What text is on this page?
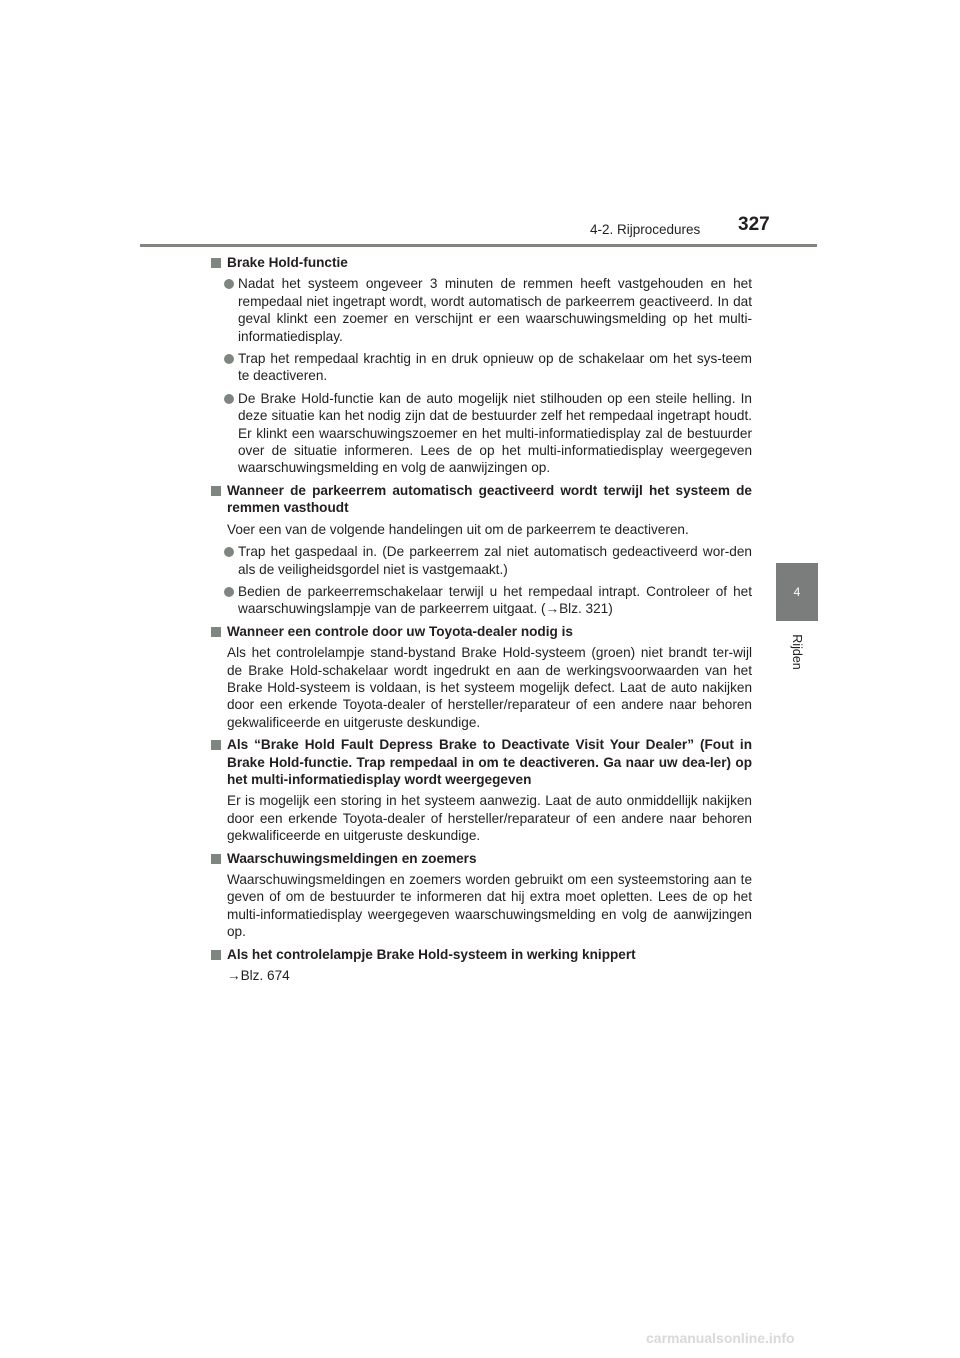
4-2. Rijprocedures 327
4
Rijden
Brake Hold-functie
Nadat het systeem ongeveer 3 minuten de remmen heeft vastgehouden en het rempedaal niet ingetrapt wordt, wordt automatisch de parkeerrem geactiveerd. In dat geval klinkt een zoemer en verschijnt er een waarschuwingsmelding op het multi-informatiedisplay.
Trap het rempedaal krachtig in en druk opnieuw op de schakelaar om het sys-teem te deactiveren.
De Brake Hold-functie kan de auto mogelijk niet stilhouden op een steile helling. In deze situatie kan het nodig zijn dat de bestuurder zelf het rempedaal ingetrapt houdt. Er klinkt een waarschuwingszoemer en het multi-informatiedisplay zal de bestuurder over de situatie informeren. Lees de op het multi-informatiedisplay weergegeven waarschuwingsmelding en volg de aanwijzingen op.
Wanneer de parkeerrem automatisch geactiveerd wordt terwijl het systeem de remmen vasthoudt
Voer een van de volgende handelingen uit om de parkeerrem te deactiveren.
Trap het gaspedaal in. (De parkeerrem zal niet automatisch gedeactiveerd wor-den als de veiligheidsgordel niet is vastgemaakt.)
Bedien de parkeerremschakelaar terwijl u het rempedaal intrapt. Controleer of het waarschuwingslampje van de parkeerrem uitgaat. (→Blz. 321)
Wanneer een controle door uw Toyota-dealer nodig is
Als het controlelampje stand-bystand Brake Hold-systeem (groen) niet brandt ter-wijl de Brake Hold-schakelaar wordt ingedrukt en aan de werkingsvoorwaarden van het Brake Hold-systeem is voldaan, is het systeem mogelijk defect. Laat de auto nakijken door een erkende Toyota-dealer of hersteller/reparateur of een andere naar behoren gekwalificeerde en uitgeruste deskundige.
Als “Brake Hold Fault Depress Brake to Deactivate Visit Your Dealer” (Fout in Brake Hold-functie. Trap rempedaal in om te deactiveren. Ga naar uw dea-ler) op het multi-informatiedisplay wordt weergegeven
Er is mogelijk een storing in het systeem aanwezig. Laat de auto onmiddellijk nakijken door een erkende Toyota-dealer of hersteller/reparateur of een andere naar behoren gekwalificeerde en uitgeruste deskundige.
Waarschuwingsmeldingen en zoemers
Waarschuwingsmeldingen en zoemers worden gebruikt om een systeemstoring aan te geven of om de bestuurder te informeren dat hij extra moet opletten. Lees de op het multi-informatiedisplay weergegeven waarschuwingsmelding en volg de aanwijzingen op.
Als het controlelampje Brake Hold-systeem in werking knippert
→Blz. 674
carmanualsonline.info
